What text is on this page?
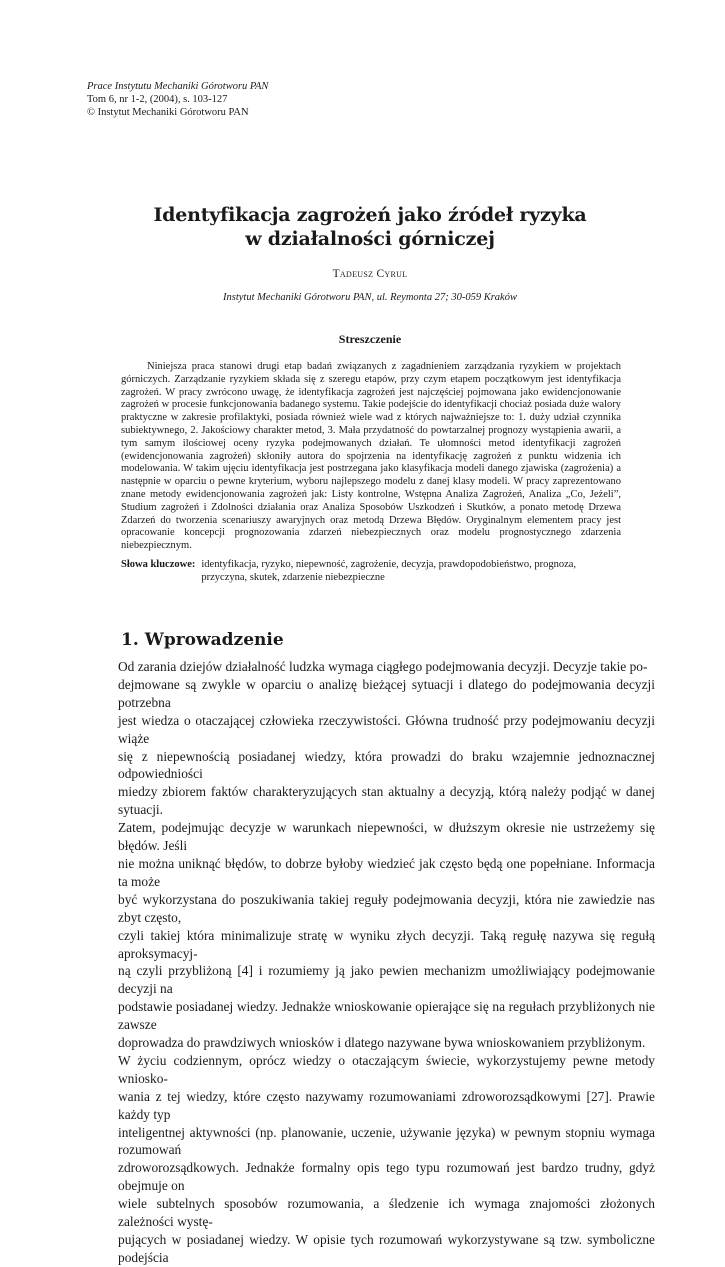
Prace Instytutu Mechaniki Górotworu PAN
Tom 6, nr 1-2, (2004), s. 103-127
© Instytut Mechaniki Górotworu PAN
Identyfikacja zagrożeń jako źródeł ryzyka
w działalności górniczej
Tadeusz Cyrul
Instytut Mechaniki Górotworu PAN, ul. Reymonta 27; 30-059 Kraków
Streszczenie
Niniejsza praca stanowi drugi etap badań związanych z zagadnieniem zarządzania ryzykiem w projektach górniczych. Zarządzanie ryzykiem składa się z szeregu etapów, przy czym etapem początkowym jest identyfikacja zagrożeń. W pracy zwrócono uwagę, że identyfikacja zagrożeń jest najczęściej pojmowana jako ewidencjonowanie zagrożeń w procesie funkcjonowania badanego systemu. Takie podejście do identyfikacji chociaż posiada duże walory praktyczne w zakresie profilaktyki, posiada również wiele wad z których najważniejsze to: 1. duży udział czynnika subiektywnego, 2. Jakościowy charakter metod, 3. Mała przydatność do powtarzalnej prognozy wystąpienia awarii, a tym samym ilościowej oceny ryzyka podejmowanych działań. Te ułomności metod identyfikacji zagrożeń (ewidencjonowania zagrożeń) skłoniły autora do spojrzenia na identyfikację zagrożeń z punktu widzenia ich modelowania. W takim ujęciu identyfikacja jest postrzegana jako klasyfikacja modeli danego zjawiska (zagrożenia) a następnie w oparciu o pewne kryterium, wyboru najlepszego modelu z danej klasy modeli. W pracy zaprezentowano znane metody ewidencjonowania zagrożeń jak: Listy kontrolne, Wstępna Analiza Zagrożeń, Analiza „Co, Jeżeli”, Studium zagrożeń i Zdolności działania oraz Analiza Sposobów Uszkodzeń i Skutków, a ponato metodę Drzewa Zdarzeń do tworzenia scenariuszy awaryjnych oraz metodą Drzewa Błędów. Oryginalnym elementem pracy jest opracowanie koncepcji prognozowania zdarzeń niebezpiecznych oraz modelu prognostycznego zdarzenia niebezpiecznym.
Słowa kluczowe: identyfikacja, ryzyko, niepewność, zagrożenie, decyzja, prawdopodobieństwo, prognoza, przyczyna, skutek, zdarzenie niebezpieczne
1. Wprowadzenie
Od zarania dziejów działalność ludzka wymaga ciągłego podejmowania decyzji. Decyzje takie po-
dejmowane są zwykle w oparciu o analizę bieżącej sytuacji i dlatego do podejmowania decyzji potrzebna
jest wiedza o otaczającej człowieka rzeczywistości. Główna trudność przy podejmowaniu decyzji wiąże
się z niepewnością posiadanej wiedzy, która prowadzi do braku wzajemnie jednoznacznej odpowiedniości
miedzy zbiorem faktów charakteryzujących stan aktualny a decyzją, którą należy podjąć w danej sytuacji.
Zatem, podejmując decyzje w warunkach niepewności, w dłuższym okresie nie ustrzeżemy się błędów. Jeśli
nie można uniknąć błędów, to dobrze byłoby wiedzieć jak często będą one popełniane. Informacja ta może
być wykorzystana do poszukiwania takiej reguły podejmowania decyzji, która nie zawiedzie nas zbyt często,
czyli takiej która minimalizuje stratę w wyniku złych decyzji. Taką regułę nazywa się regułą aproksymacyj-
ną czyli przybliżoną [4] i rozumiemy ją jako pewien mechanizm umożliwiający podejmowanie decyzji na
podstawie posiadanej wiedzy. Jednakże wnioskowanie opierające się na regułach przybliżonych nie zawsze
doprowadza do prawdziwych wniosków i dlatego nazywane bywa wnioskowaniem przybliżonym.
W życiu codziennym, oprócz wiedzy o otaczającym świecie, wykorzystujemy pewne metody wniosko-
wania z tej wiedzy, które często nazywamy rozumowaniami zdroworozsądkowymi [27]. Prawie każdy typ
inteligentnej aktywności (np. planowanie, uczenie, używanie języka) w pewnym stopniu wymaga rozumowań
zdroworozsądkowych. Jednakże formalny opis tego typu rozumowań jest bardzo trudny, gdyż obejmuje on
wiele subtelnych sposobów rozumowania, a śledzenie ich wymaga znajomości złożonych zależności wystę-
pujących w posiadanej wiedzy. W opisie tych rozumowań wykorzystywane są tzw. symboliczne podejścia
